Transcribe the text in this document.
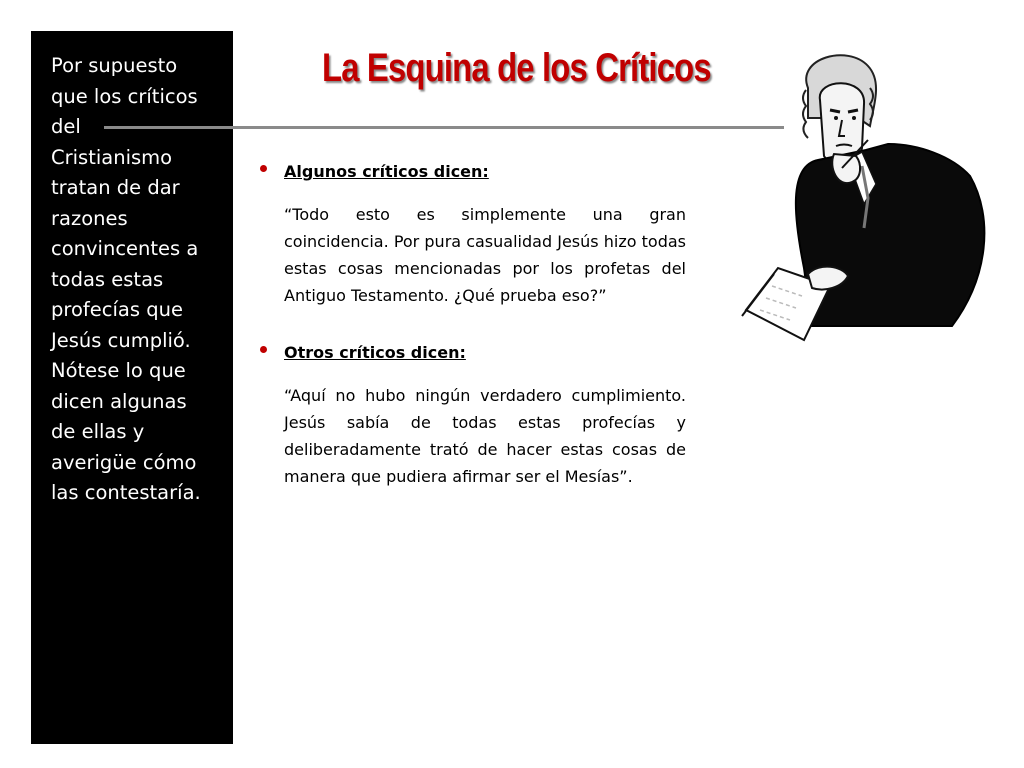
Por supuesto
que los críticos
del
Cristianismo
tratan de dar
razones
convincentes a
todas estas
profecías que
Jesús cumplió.
Nótese lo que
dicen algunas
de ellas y
averigüe cómo
las contestaría.

La Esquina de los Críticos

Algunos críticos dicen:

“Todo esto es simplemente una gran coincidencia. Por pura casualidad Jesús hizo todas estas cosas mencionadas por los profetas del Antiguo Testamento. ¿Qué prueba eso?”

Otros críticos dicen:

“Aquí no hubo ningún verdadero cumplimiento. Jesús sabía de todas estas profecías y deliberadamente trató de hacer estas cosas de manera que pudiera afirmar ser el Mesías”.
